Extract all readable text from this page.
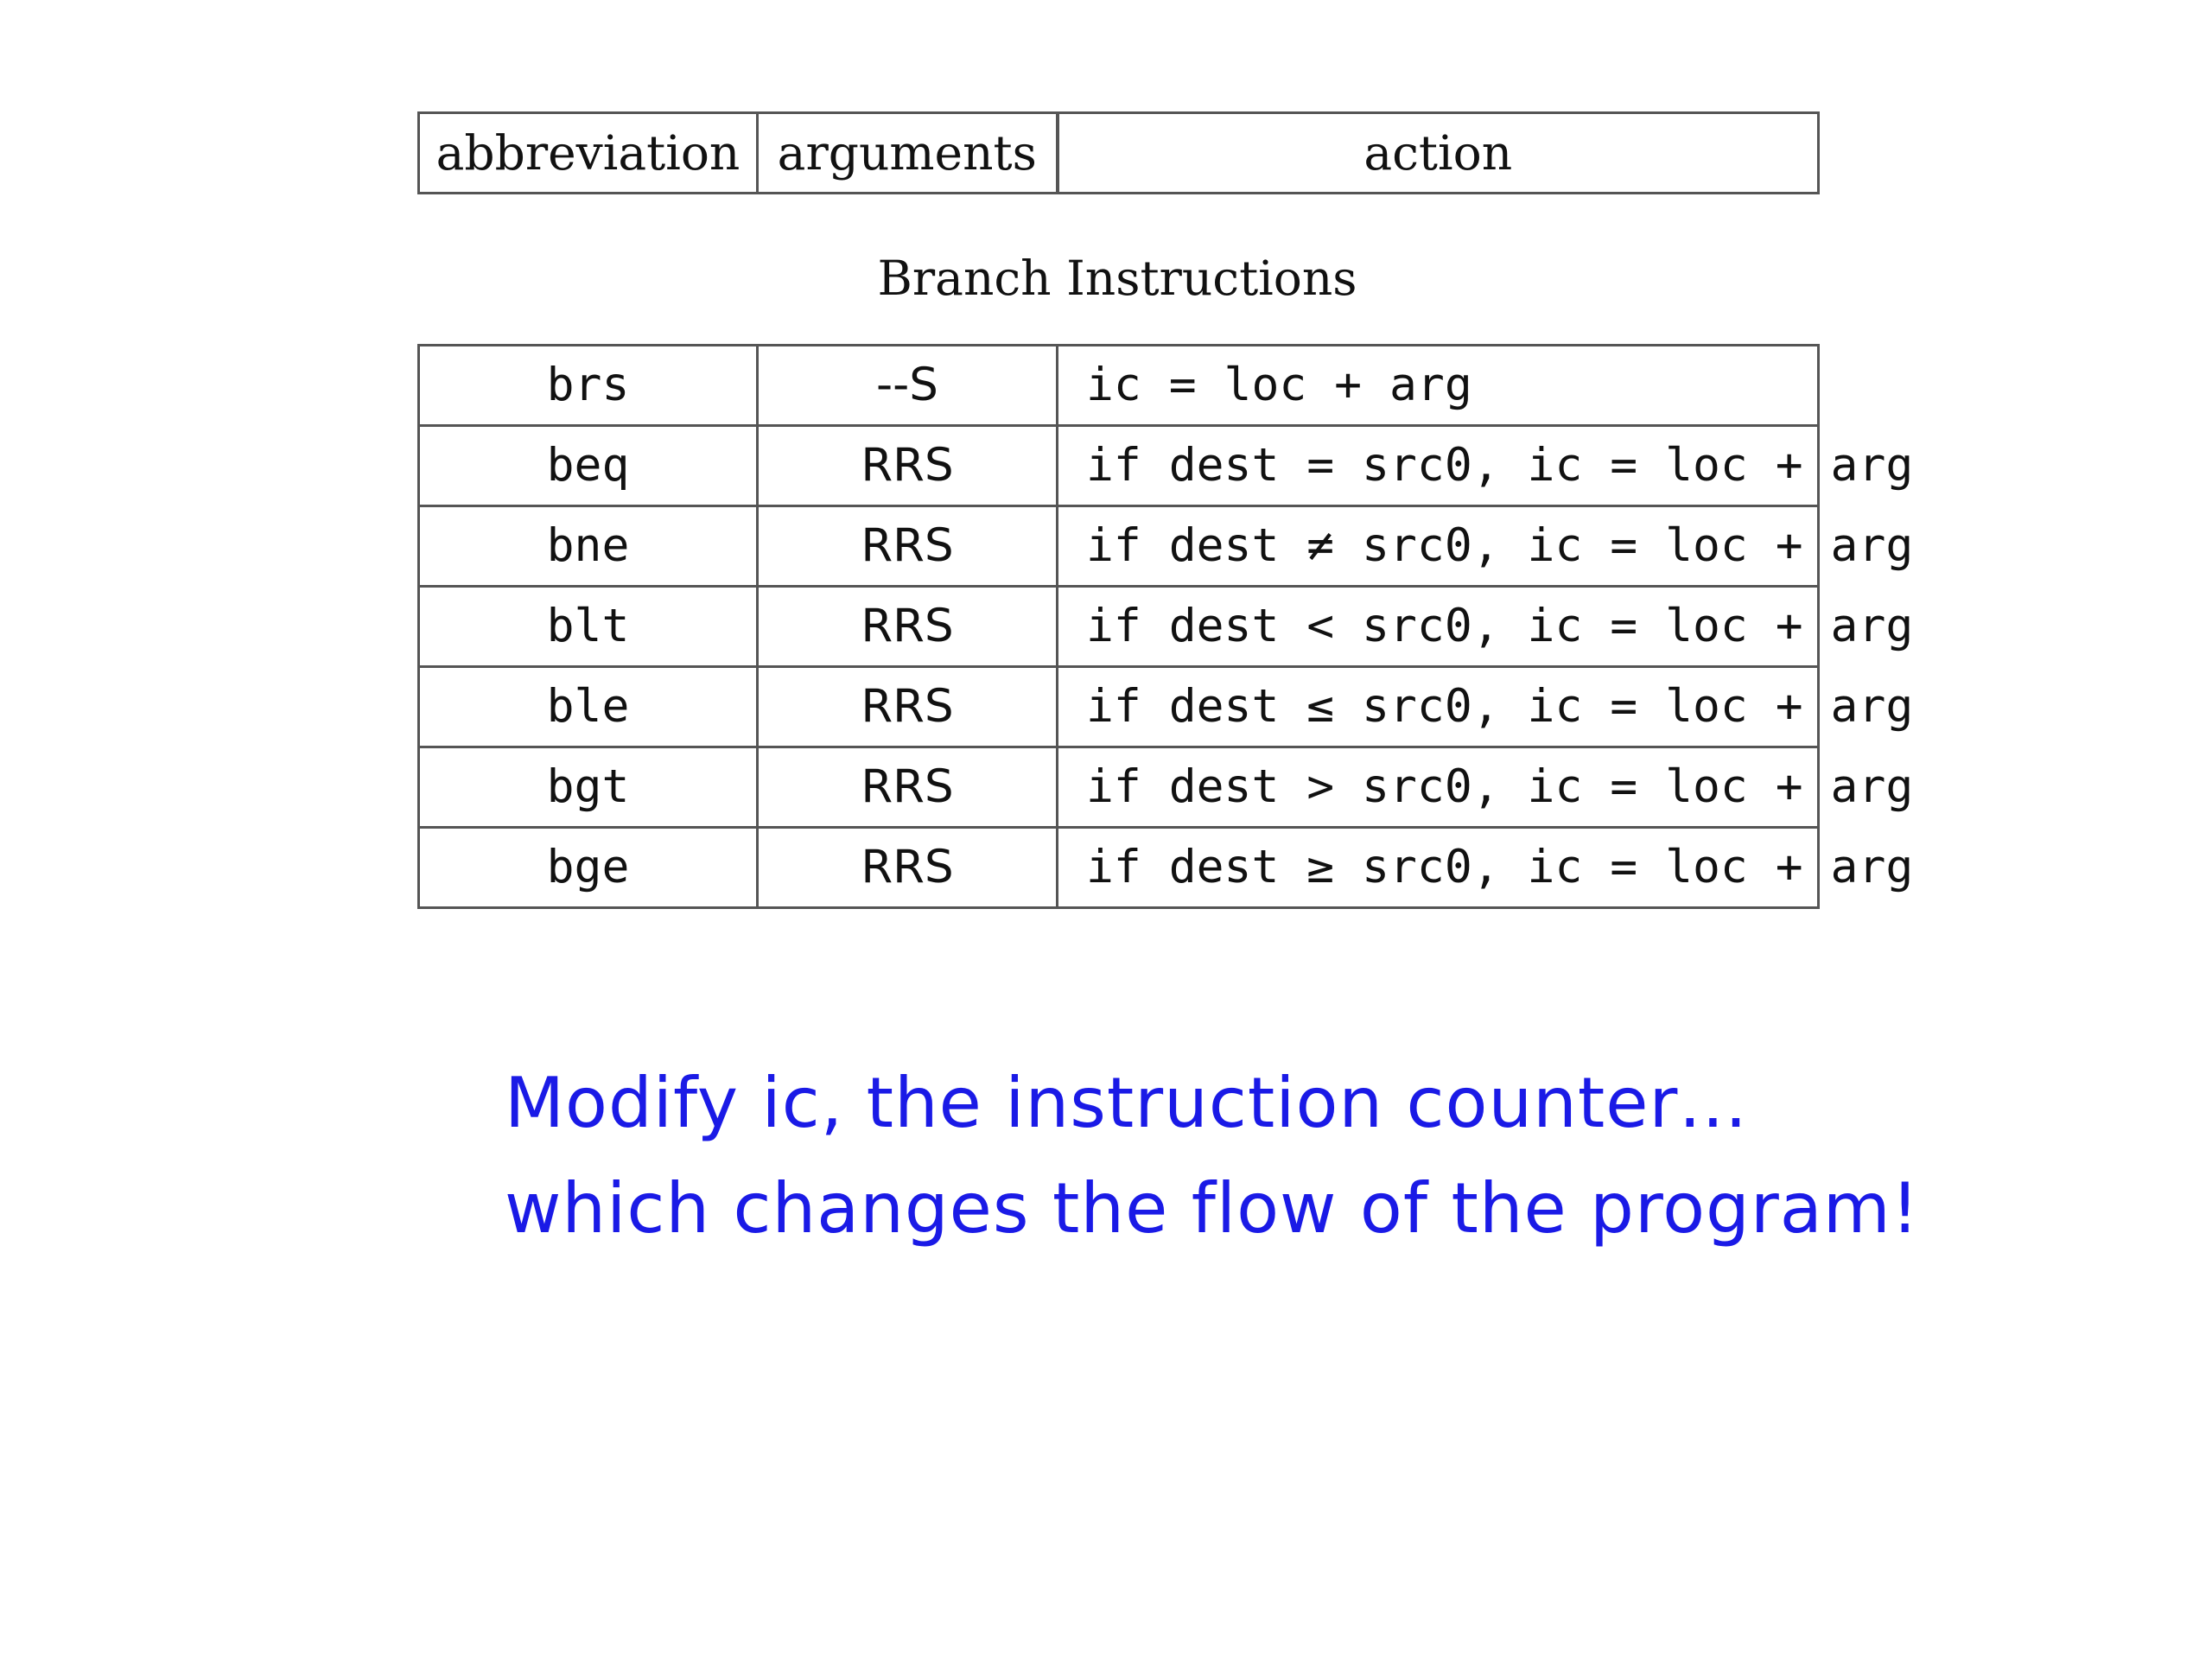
abbreviation	arguments	action
Branch Instructions
brs	--S	ic = loc + arg
beq	RRS	if dest = src0, ic = loc + arg
bne	RRS	if dest ≠ src0, ic = loc + arg
blt	RRS	if dest < src0, ic = loc + arg
ble	RRS	if dest ≤ src0, ic = loc + arg
bgt	RRS	if dest > src0, ic = loc + arg
bge	RRS	if dest ≥ src0, ic = loc + arg

Modify ic, the instruction counter…

which changes the flow of the program!
